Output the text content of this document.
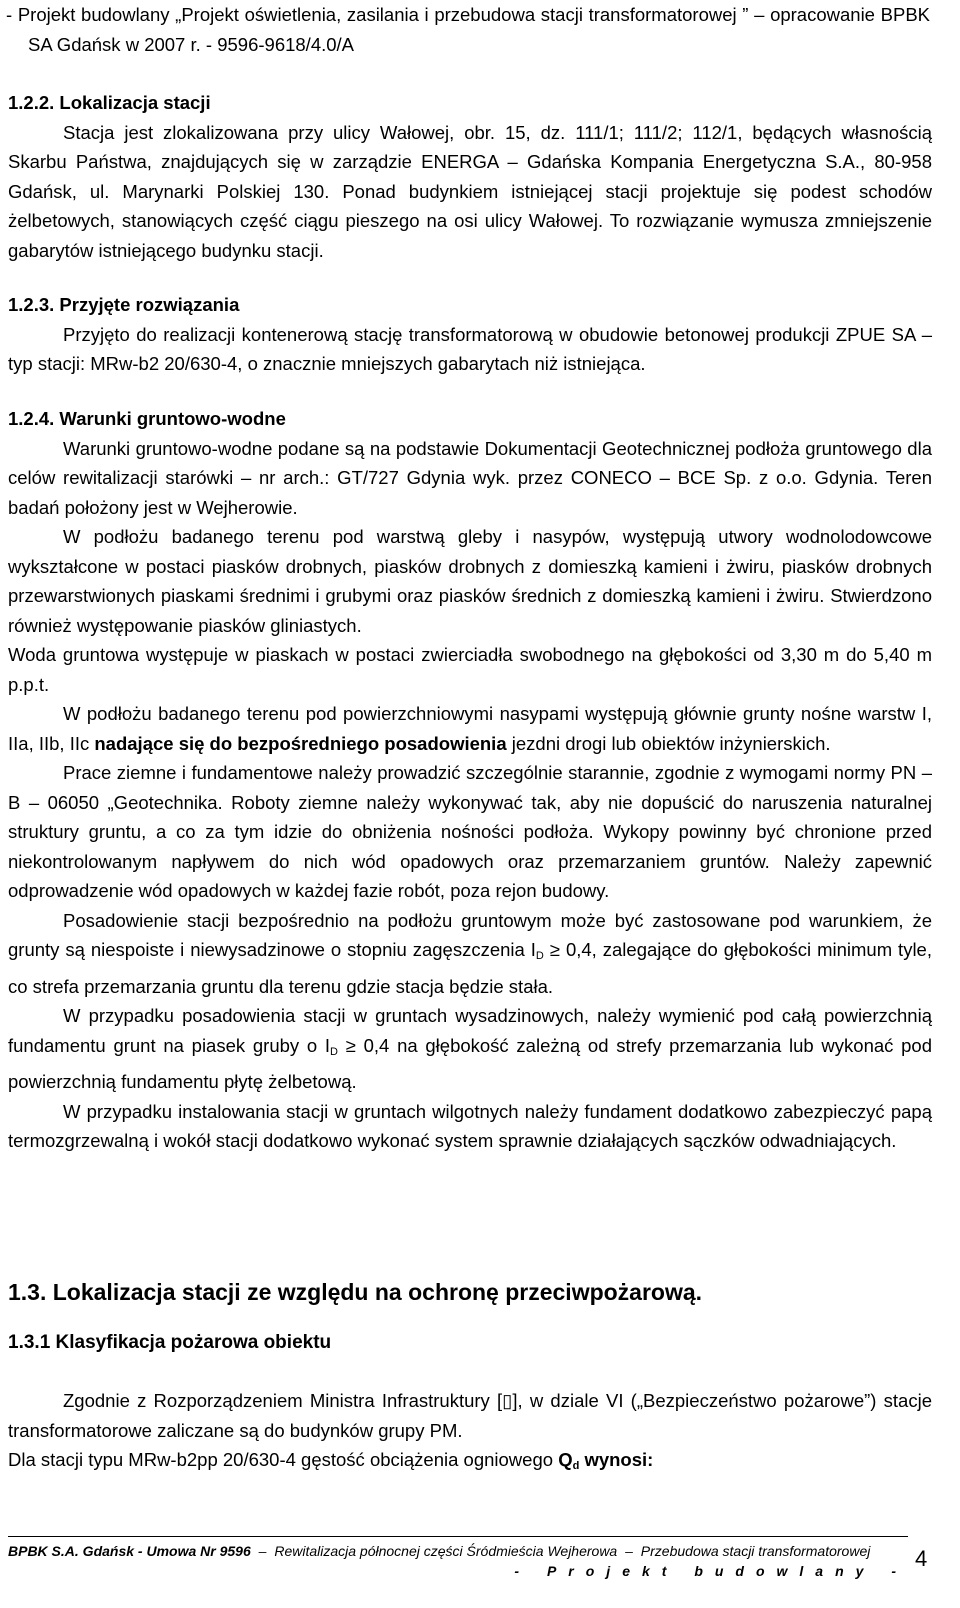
- Projekt budowlany „Projekt oświetlenia, zasilania i przebudowa stacji transformatorowej ” – opracowanie BPBK SA Gdańsk w 2007 r. - 9596-9618/4.0/A

1.2.2. Lokalizacja stacji

Stacja jest zlokalizowana przy ulicy Wałowej, obr. 15, dz. 111/1; 111/2; 112/1, będących własnością Skarbu Państwa, znajdujących się w zarządzie ENERGA – Gdańska Kompania Energetyczna S.A., 80-958 Gdańsk, ul. Marynarki Polskiej 130. Ponad budynkiem istniejącej stacji projektuje się podest schodów żelbetowych, stanowiących część ciągu pieszego na osi ulicy Wałowej. To rozwiązanie wymusza zmniejszenie gabarytów istniejącego budynku stacji.

1.2.3. Przyjęte rozwiązania

Przyjęto do realizacji kontenerową stację transformatorową w obudowie betonowej produkcji ZPUE SA – typ stacji: MRw-b2 20/630-4, o znacznie mniejszych gabarytach niż istniejąca.

1.2.4. Warunki gruntowo-wodne

Warunki gruntowo-wodne podane są na podstawie Dokumentacji Geotechnicznej podłoża gruntowego dla celów rewitalizacji starówki – nr arch.: GT/727 Gdynia wyk. przez CONECO – BCE Sp. z o.o. Gdynia. Teren badań położony jest w Wejherowie.

W podłożu badanego terenu pod warstwą gleby i nasypów, występują utwory wodnolodowcowe wykształcone w postaci piasków drobnych, piasków drobnych z domieszką kamieni i żwiru, piasków drobnych przewarstwionych piaskami średnimi i grubymi oraz piasków średnich z domieszką kamieni i żwiru. Stwierdzono również występowanie piasków gliniastych.

Woda gruntowa występuje w piaskach w postaci zwierciadła swobodnego na głębokości od 3,30 m do 5,40 m p.p.t.

W podłożu badanego terenu pod powierzchniowymi nasypami występują głównie grunty nośne warstw I, IIa, IIb, IIc nadające się do bezpośredniego posadowienia jezdni drogi lub obiektów inżynierskich.

Prace ziemne i fundamentowe należy prowadzić szczególnie starannie, zgodnie z wymogami normy PN – B – 06050 „Geotechnika. Roboty ziemne należy wykonywać tak, aby nie dopuścić do naruszenia naturalnej struktury gruntu, a co za tym idzie do obniżenia nośności podłoża. Wykopy powinny być chronione przed niekontrolowanym napływem do nich wód opadowych oraz przemarzaniem gruntów. Należy zapewnić odprowadzenie wód opadowych w każdej fazie robót, poza rejon budowy.

Posadowienie stacji bezpośrednio na podłożu gruntowym może być zastosowane pod warunkiem, że grunty są niespoiste i niewysadzinowe o stopniu zagęszczenia $I_D \ge 0,4$, zalegające do głębokości minimum tyle, co strefa przemarzania gruntu dla terenu gdzie stacja będzie stała.

W przypadku posadowienia stacji w gruntach wysadzinowych, należy wymienić pod całą powierzchnią fundamentu grunt na piasek gruby o $I_D \ge 0,4$ na głębokość zależną od strefy przemarzania lub wykonać pod powierzchnią fundamentu płytę żelbetową.

W przypadku instalowania stacji w gruntach wilgotnych należy fundament dodatkowo zabezpieczyć papą termozgrzewalną i wokół stacji dodatkowo wykonać system sprawnie działających sączków odwadniających.

1.3. Lokalizacja stacji ze względu na ochronę przeciwpożarową.

1.3.1 Klasyfikacja pożarowa obiektu

Zgodnie z Rozporządzeniem Ministra Infrastruktury [▯], w dziale VI („Bezpieczeństwo pożarowe”) stacje transformatorowe zaliczane są do budynków grupy PM.

Dla stacji typu MRw-b2pp 20/630-4 gęstość obciążenia ogniowego $Q_d$ wynosi:

BPBK S.A. Gdańsk - Umowa Nr 9596 – Rewitalizacja północnej części Śródmieścia Wejherowa – Przebudowa stacji transformatorowej
- Projekt budowlany - 4
